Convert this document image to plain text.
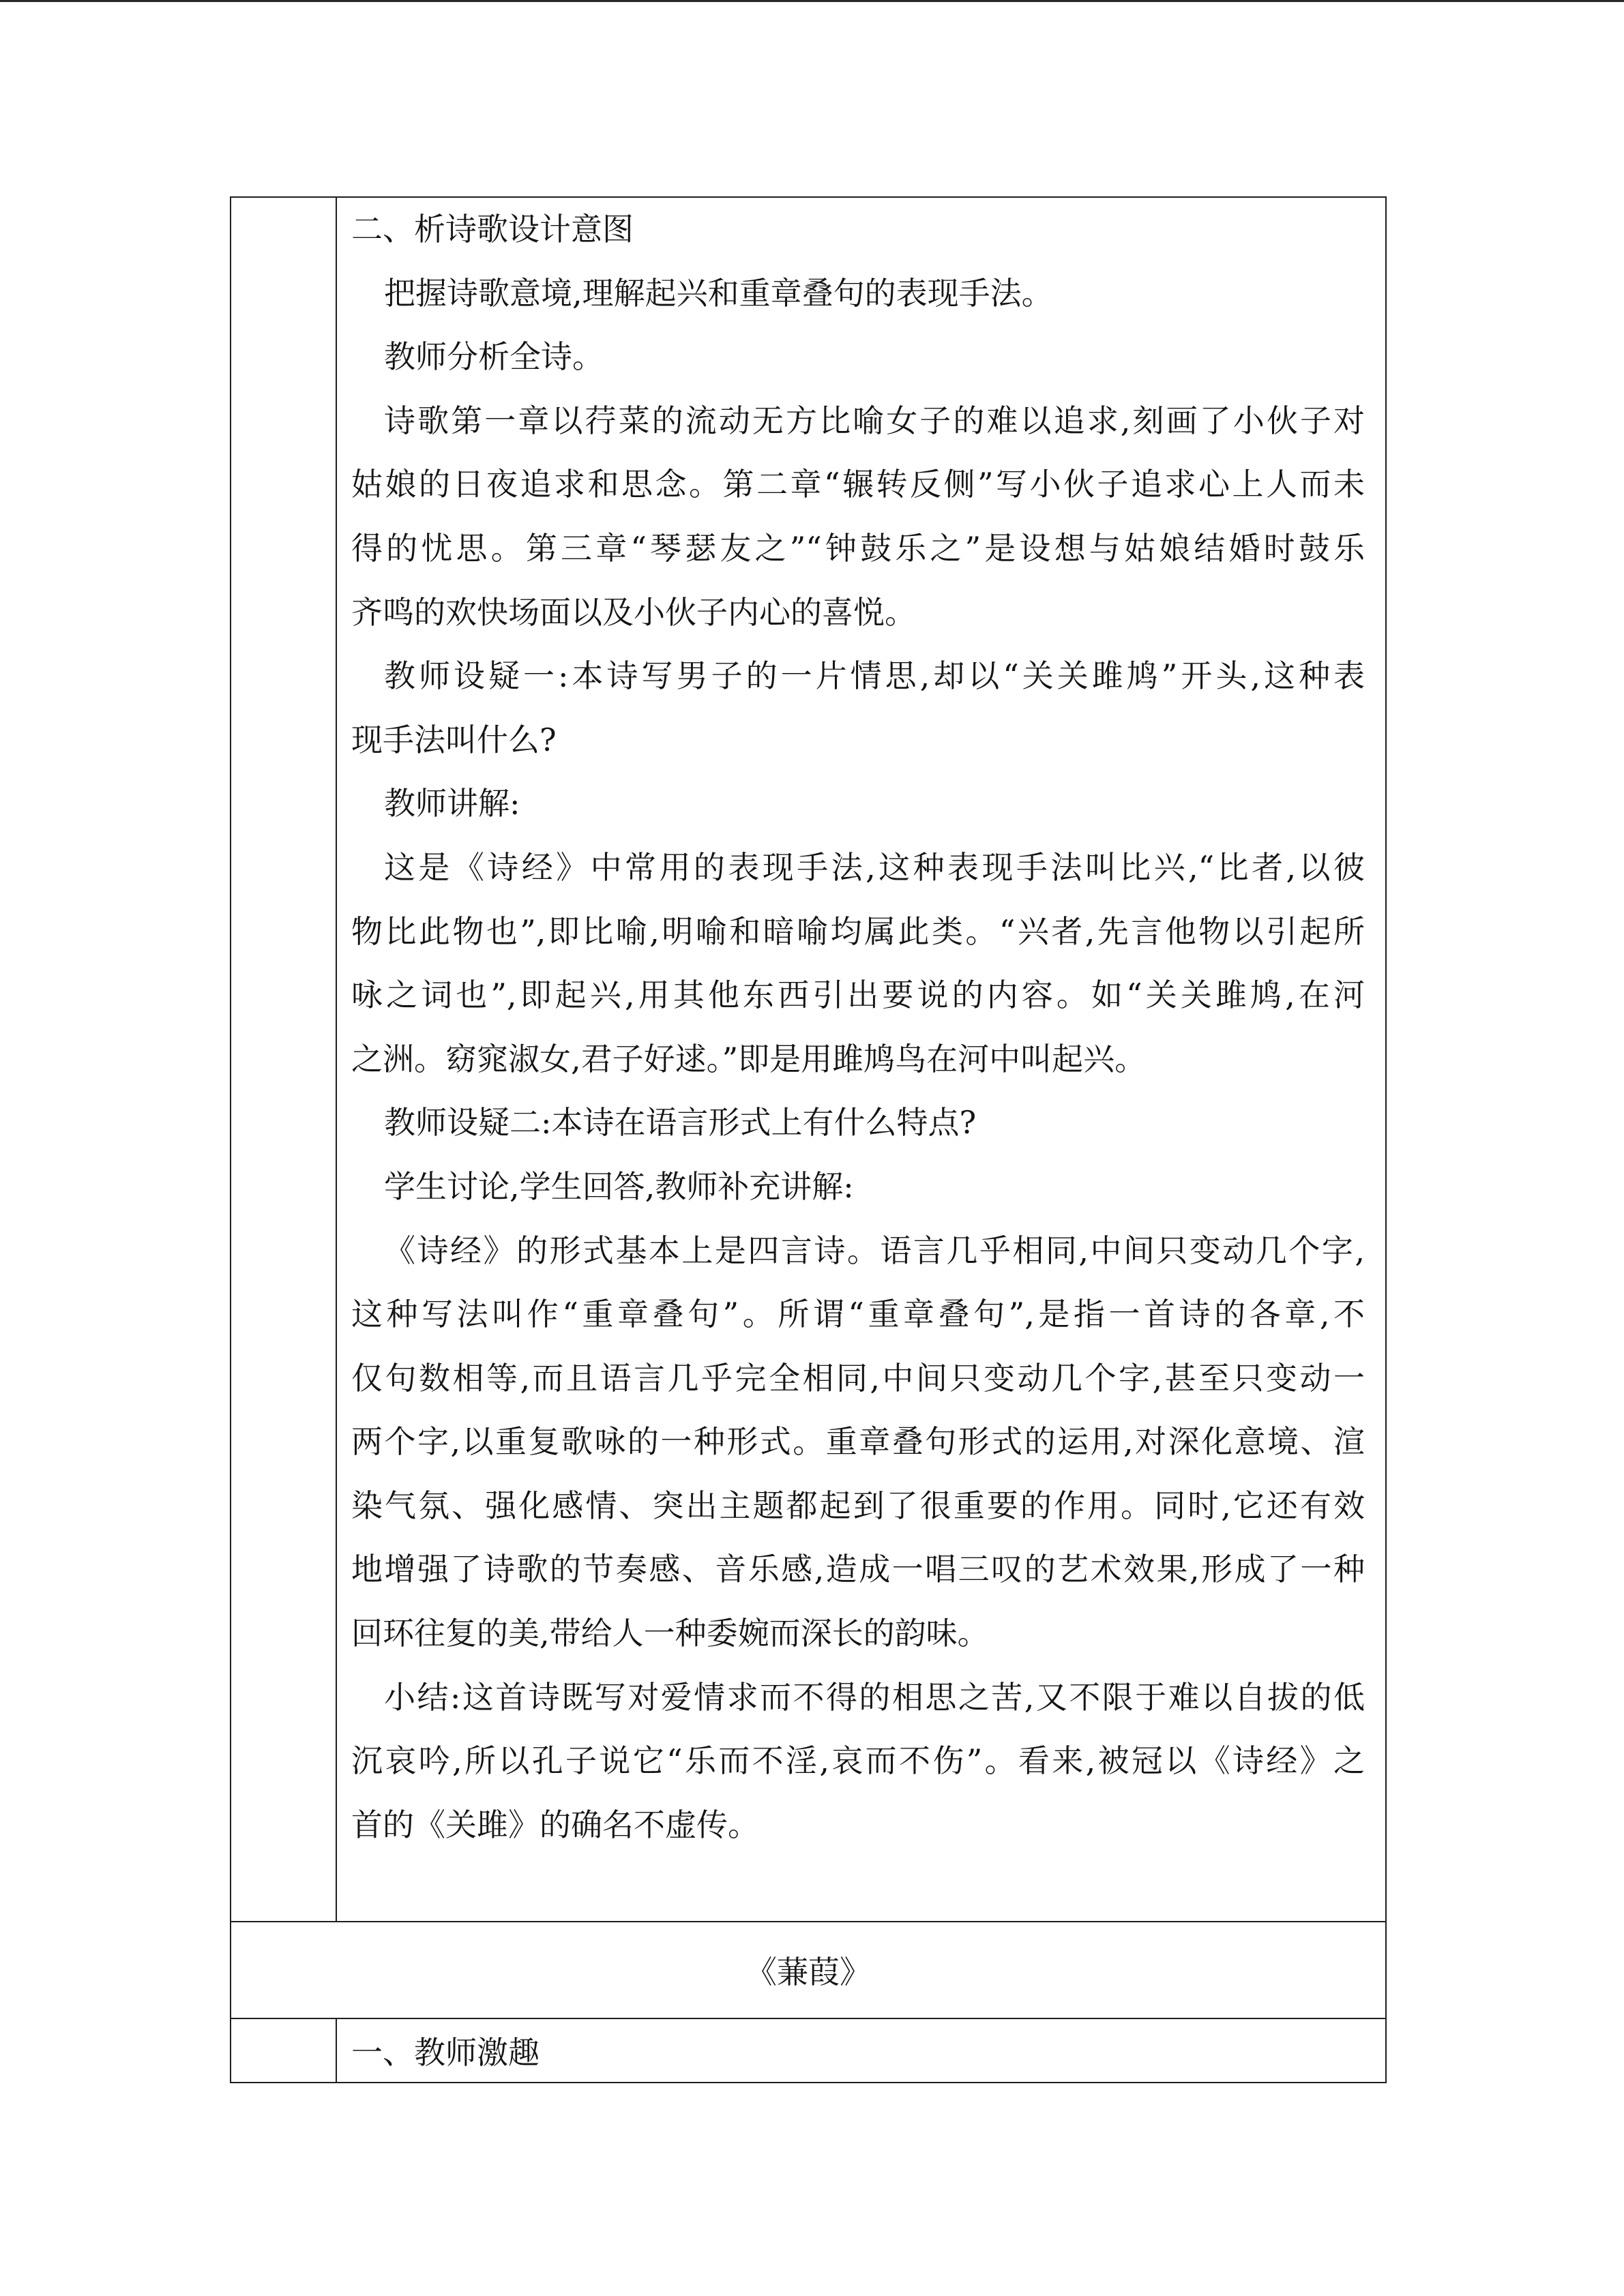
二、析诗歌设计意图
把握诗歌意境,理解起兴和重章叠句的表现手法。
教师分析全诗。
诗歌第一章以荇菜的流动无方比喻女子的难以追求,刻画了小伙子对
姑娘的日夜追求和思念。第二章“辗转反侧”写小伙子追求心上人而未
得的忧思。第三章“琴瑟友之”“钟鼓乐之”是设想与姑娘结婚时鼓乐
齐鸣的欢快场面以及小伙子内心的喜悦。
教师设疑一:本诗写男子的一片情思,却以“关关雎鸠”开头,这种表
现手法叫什么?
教师讲解:
这是《诗经》中常用的表现手法,这种表现手法叫比兴,“比者,以彼
物比此物也”,即比喻,明喻和暗喻均属此类。“兴者,先言他物以引起所
咏之词也”,即起兴,用其他东西引出要说的内容。如“关关雎鸠,在河
之洲。窈窕淑女,君子好逑。”即是用雎鸠鸟在河中叫起兴。
教师设疑二:本诗在语言形式上有什么特点?
学生讨论,学生回答,教师补充讲解:
《诗经》的形式基本上是四言诗。语言几乎相同,中间只变动几个字,
这种写法叫作“重章叠句”。所谓“重章叠句”,是指一首诗的各章,不
仅句数相等,而且语言几乎完全相同,中间只变动几个字,甚至只变动一
两个字,以重复歌咏的一种形式。重章叠句形式的运用,对深化意境、渲
染气氛、强化感情、突出主题都起到了很重要的作用。同时,它还有效
地增强了诗歌的节奏感、音乐感,造成一唱三叹的艺术效果,形成了一种
回环往复的美,带给人一种委婉而深长的韵味。
小结:这首诗既写对爱情求而不得的相思之苦,又不限于难以自拔的低
沉哀吟,所以孔子说它“乐而不淫,哀而不伤”。看来,被冠以《诗经》之
首的《关雎》的确名不虚传。
《蒹葭》
一、教师激趣
